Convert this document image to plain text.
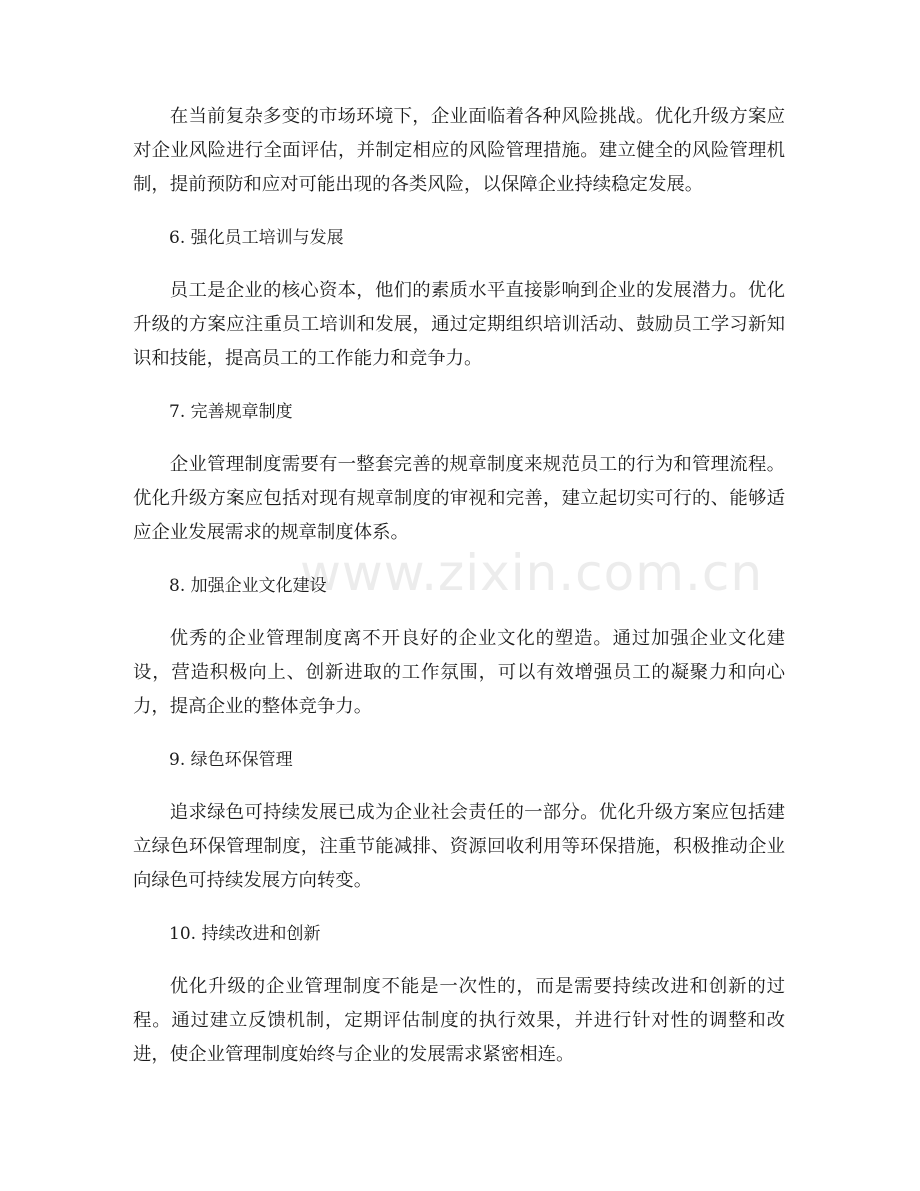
www.zixin.com.cn

在当前复杂多变的市场环境下，企业面临着各种风险挑战。优化升级方案应对企业风险进行全面评估，并制定相应的风险管理措施。建立健全的风险管理机制，提前预防和应对可能出现的各类风险，以保障企业持续稳定发展。

6. 强化员工培训与发展

员工是企业的核心资本，他们的素质水平直接影响到企业的发展潜力。优化升级的方案应注重员工培训和发展，通过定期组织培训活动、鼓励员工学习新知识和技能，提高员工的工作能力和竞争力。

7. 完善规章制度

企业管理制度需要有一整套完善的规章制度来规范员工的行为和管理流程。优化升级方案应包括对现有规章制度的审视和完善，建立起切实可行的、能够适应企业发展需求的规章制度体系。

8. 加强企业文化建设

优秀的企业管理制度离不开良好的企业文化的塑造。通过加强企业文化建设，营造积极向上、创新进取的工作氛围，可以有效增强员工的凝聚力和向心力，提高企业的整体竞争力。

9. 绿色环保管理

追求绿色可持续发展已成为企业社会责任的一部分。优化升级方案应包括建立绿色环保管理制度，注重节能减排、资源回收利用等环保措施，积极推动企业向绿色可持续发展方向转变。

10. 持续改进和创新

优化升级的企业管理制度不能是一次性的，而是需要持续改进和创新的过程。通过建立反馈机制，定期评估制度的执行效果，并进行针对性的调整和改进，使企业管理制度始终与企业的发展需求紧密相连。
